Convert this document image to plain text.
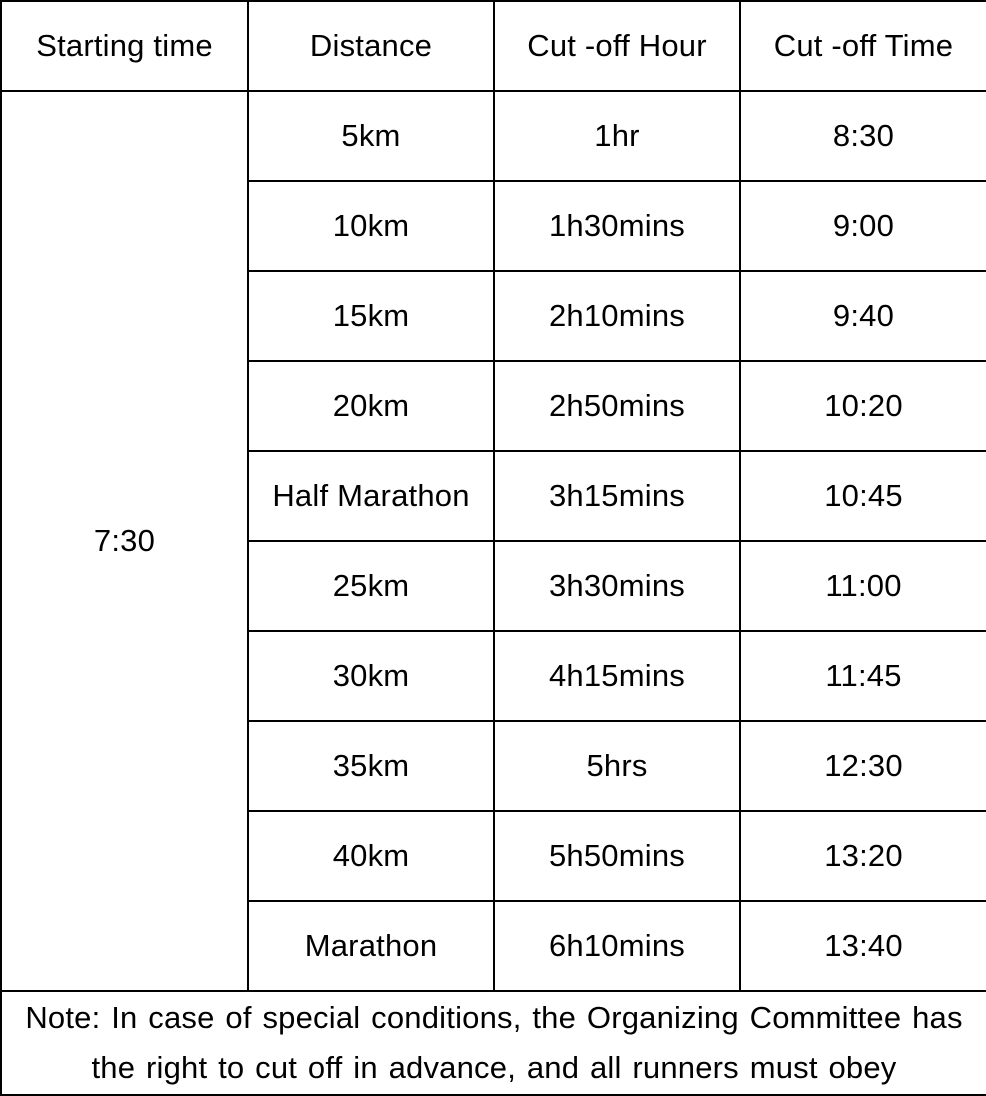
Starting time	Distance	Cut -off Hour	Cut -off Time
7:30	5km	1hr	8:30
	10km	1h30mins	9:00
	15km	2h10mins	9:40
	20km	2h50mins	10:20
	Half Marathon	3h15mins	10:45
	25km	3h30mins	11:00
	30km	4h15mins	11:45
	35km	5hrs	12:30
	40km	5h50mins	13:20
	Marathon	6h10mins	13:40
Note: In case of special conditions, the Organizing Committee has the right to cut off in advance, and all runners must obey			
